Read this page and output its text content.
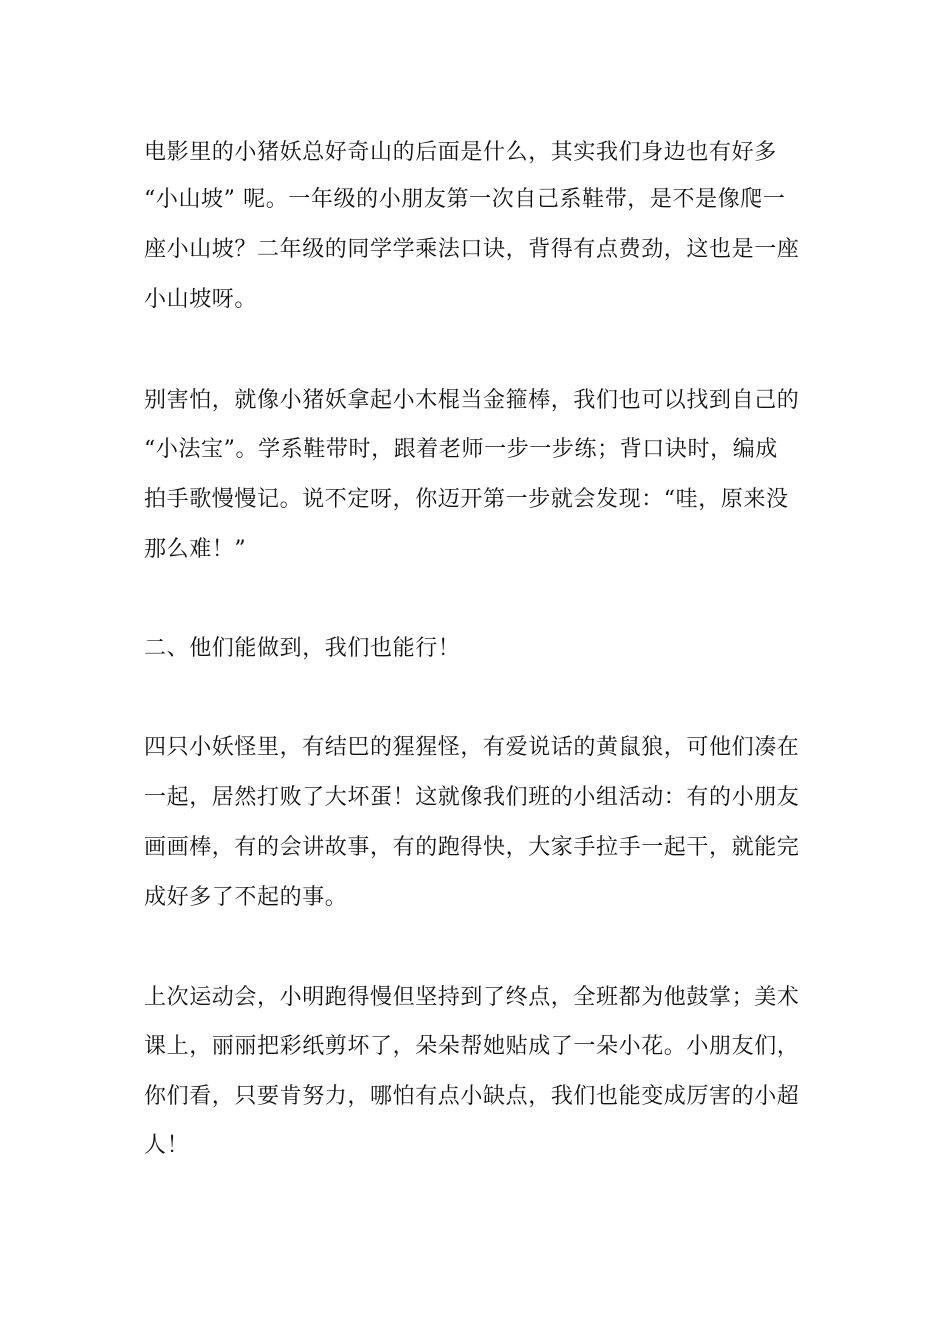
电影里的小猪妖总好奇山的后面是什么，其实我们身边也有好多
“小山坡” 呢。一年级的小朋友第一次自己系鞋带，是不是像爬一
座小山坡？二年级的同学学乘法口诀，背得有点费劲，这也是一座
小山坡呀。
别害怕，就像小猪妖拿起小木棍当金箍棒，我们也可以找到自己的
“小法宝”。学系鞋带时，跟着老师一步一步练；背口诀时，编成
拍手歌慢慢记。说不定呀，你迈开第一步就会发现：“哇，原来没
那么难！”
二、他们能做到，我们也能行！
四只小妖怪里，有结巴的猩猩怪，有爱说话的黄鼠狼，可他们凑在
一起，居然打败了大坏蛋！这就像我们班的小组活动：有的小朋友
画画棒，有的会讲故事，有的跑得快，大家手拉手一起干，就能完
成好多了不起的事。
上次运动会，小明跑得慢但坚持到了终点，全班都为他鼓掌；美术
课上，丽丽把彩纸剪坏了，朵朵帮她贴成了一朵小花。小朋友们，
你们看，只要肯努力，哪怕有点小缺点，我们也能变成厉害的小超
人！
